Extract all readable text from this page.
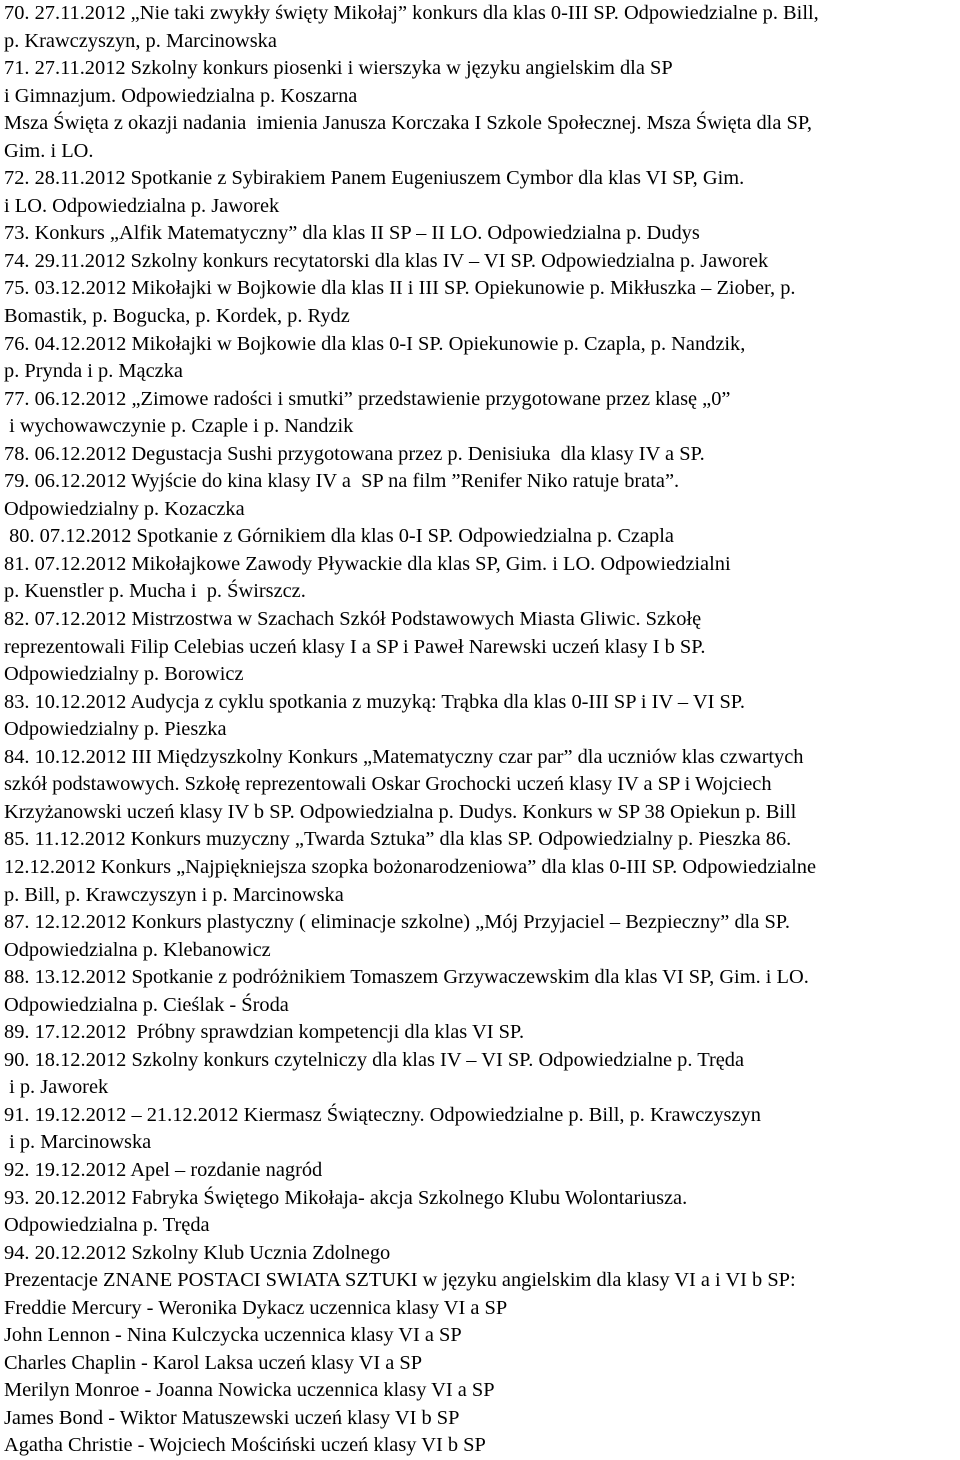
70. 27.11.2012 „Nie taki zwykły święty Mikołaj” konkurs dla klas 0-III SP. Odpowiedzialne p. Bill,
p. Krawczyszyn, p. Marcinowska
71. 27.11.2012 Szkolny konkurs piosenki i wierszyka w języku angielskim dla SP
i Gimnazjum. Odpowiedzialna p. Koszarna
Msza Święta z okazji nadania  imienia Janusza Korczaka I Szkole Społecznej. Msza Święta dla SP,
Gim. i LO.
72. 28.11.2012 Spotkanie z Sybirakiem Panem Eugeniuszem Cymbor dla klas VI SP, Gim.
i LO. Odpowiedzialna p. Jaworek
73. Konkurs „Alfik Matematyczny” dla klas II SP – II LO. Odpowiedzialna p. Dudys
74. 29.11.2012 Szkolny konkurs recytatorski dla klas IV – VI SP. Odpowiedzialna p. Jaworek
75. 03.12.2012 Mikołajki w Bojkowie dla klas II i III SP. Opiekunowie p. Mikłuszka – Ziober, p.
Bomastik, p. Bogucka, p. Kordek, p. Rydz
76. 04.12.2012 Mikołajki w Bojkowie dla klas 0-I SP. Opiekunowie p. Czapla, p. Nandzik,
p. Prynda i p. Mączka
77. 06.12.2012 „Zimowe radości i smutki” przedstawienie przygotowane przez klasę „0”
i wychowawczynie p. Czaple i p. Nandzik
78. 06.12.2012 Degustacja Sushi przygotowana przez p. Denisiuka  dla klasy IV a SP.
79. 06.12.2012 Wyjście do kina klasy IV a  SP na film ”Renifer Niko ratuje brata”.
Odpowiedzialny p. Kozaczka
80. 07.12.2012 Spotkanie z Górnikiem dla klas 0-I SP. Odpowiedzialna p. Czapla
81. 07.12.2012 Mikołajkowe Zawody Pływackie dla klas SP, Gim. i LO. Odpowiedzialni
p. Kuenstler p. Mucha i  p. Świrszcz.
82. 07.12.2012 Mistrzostwa w Szachach Szkół Podstawowych Miasta Gliwic. Szkołę
reprezentowali Filip Celebias uczeń klasy I a SP i Paweł Narewski uczeń klasy I b SP.
Odpowiedzialny p. Borowicz
83. 10.12.2012 Audycja z cyklu spotkania z muzyką: Trąbka dla klas 0-III SP i IV – VI SP.
Odpowiedzialny p. Pieszka
84. 10.12.2012 III Międzyszkolny Konkurs „Matematyczny czar par” dla uczniów klas czwartych
szkół podstawowych. Szkołę reprezentowali Oskar Grochocki uczeń klasy IV a SP i Wojciech
Krzyżanowski uczeń klasy IV b SP. Odpowiedzialna p. Dudys. Konkurs w SP 38 Opiekun p. Bill
85. 11.12.2012 Konkurs muzyczny „Twarda Sztuka” dla klas SP. Odpowiedzialny p. Pieszka 86.
12.12.2012 Konkurs „Najpiękniejsza szopka bożonarodzeniowa” dla klas 0-III SP. Odpowiedzialne
p. Bill, p. Krawczyszyn i p. Marcinowska
87. 12.12.2012 Konkurs plastyczny ( eliminacje szkolne) „Mój Przyjaciel – Bezpieczny” dla SP.
Odpowiedzialna p. Klebanowicz
88. 13.12.2012 Spotkanie z podróżnikiem Tomaszem Grzywaczewskim dla klas VI SP, Gim. i LO.
Odpowiedzialna p. Cieślak - Środa
89. 17.12.2012  Próbny sprawdzian kompetencji dla klas VI SP.
90. 18.12.2012 Szkolny konkurs czytelniczy dla klas IV – VI SP. Odpowiedzialne p. Tręda
i p. Jaworek
91. 19.12.2012 – 21.12.2012 Kiermasz Świąteczny. Odpowiedzialne p. Bill, p. Krawczyszyn
i p. Marcinowska
92. 19.12.2012 Apel – rozdanie nagród
93. 20.12.2012 Fabryka Świętego Mikołaja- akcja Szkolnego Klubu Wolontariusza.
Odpowiedzialna p. Tręda
94. 20.12.2012 Szkolny Klub Ucznia Zdolnego
Prezentacje ZNANE POSTACI SWIATA SZTUKI w języku angielskim dla klasy VI a i VI b SP:
Freddie Mercury - Weronika Dykacz uczennica klasy VI a SP
John Lennon - Nina Kulczycka uczennica klasy VI a SP
Charles Chaplin - Karol Laksa uczeń klasy VI a SP
Merilyn Monroe - Joanna Nowicka uczennica klasy VI a SP
James Bond - Wiktor Matuszewski uczeń klasy VI b SP
Agatha Christie - Wojciech Mościński uczeń klasy VI b SP
